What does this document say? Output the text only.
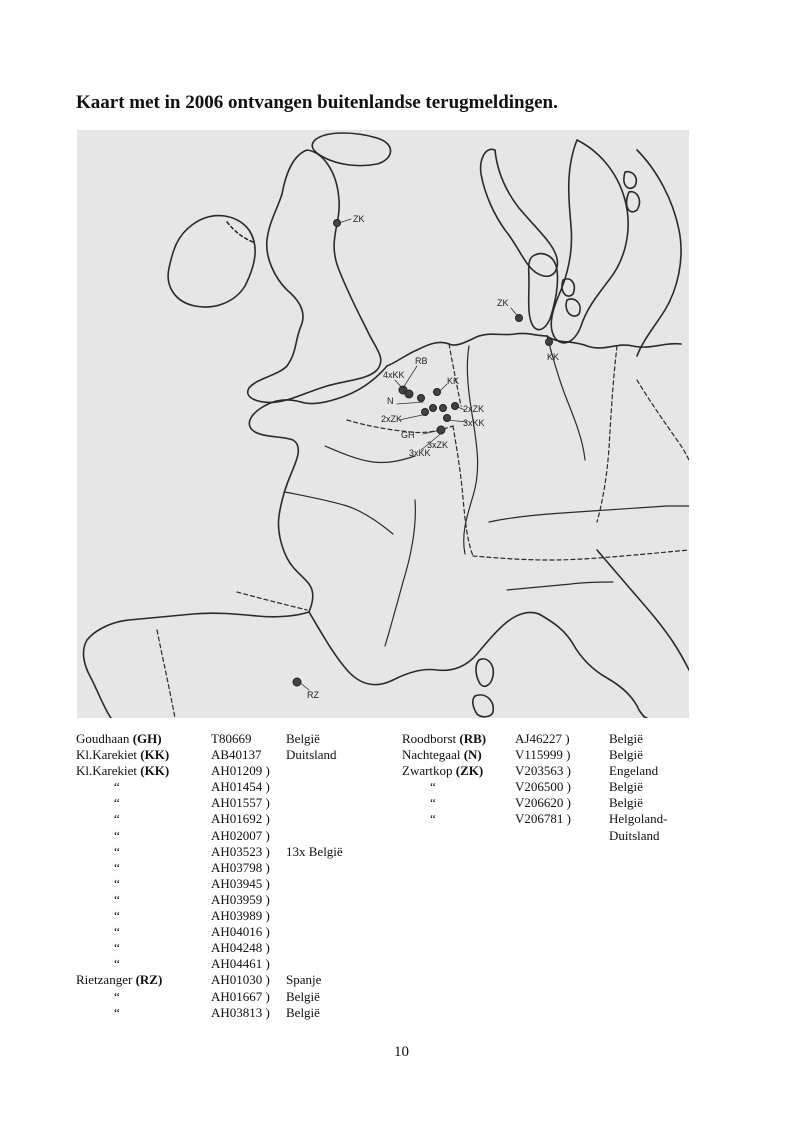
Kaart met in 2006 ontvangen buitenlandse terugmeldingen.
ZK
ZK
KK
RB
4xKK
KK
N
2xZK
2xZK
3xZK
GH
3xKK
3xKK
RZ
Goudhaan (GH)	T80669	België
Kl.Karekiet (KK)	AB40137 Duitsland
Kl.Karekiet (KK)	AH01209 )
“	AH01454 )
“	AH01557 )
“	AH01692 )
“	AH02007 )
“	AH03523 ) 13x België
“	AH03798 )
“	AH03945 )
“	AH03959 )
“	AH03989 )
“	AH04016 )
“	AH04248 )
“	AH04461 )
Rietzanger (RZ)	AH01030 ) Spanje
“	AH01667 ) België
“	AH03813 ) België
Roodborst (RB) AJ46227 )	België
Nachtegaal (N)	V115999 )	België
Zwartkop (ZK) V203563 )	Engeland
“	V206500 )	België
“	V206620 )	België
“	V206781 )	Helgoland-
Duitsland
10
